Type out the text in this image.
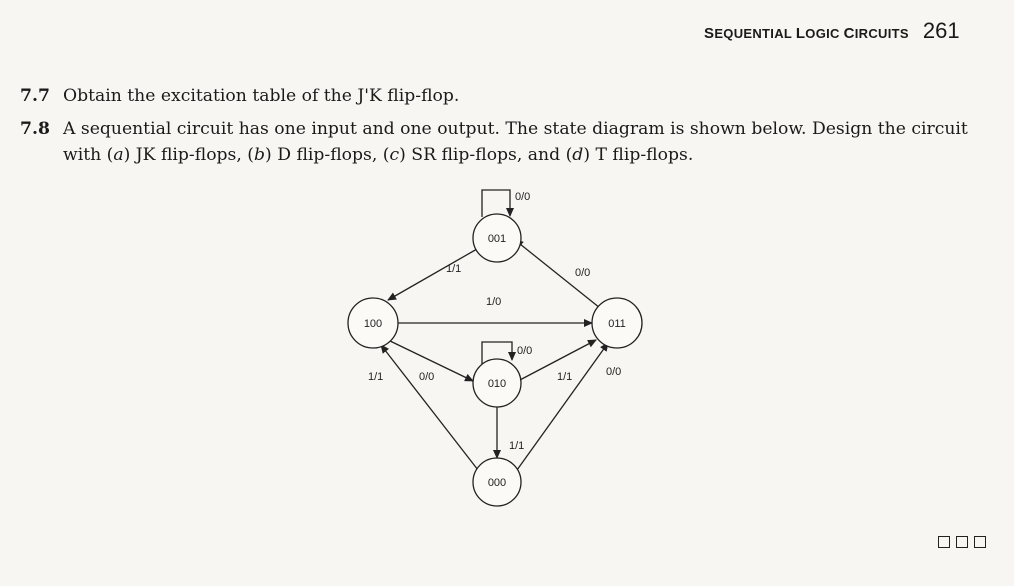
SEQUENTIAL LOGIC CIRCUITS 261
7.7 Obtain the excitation table of the J'K flip-flop.
7.8 A sequential circuit has one input and one output. The state diagram is shown below. Design the circuit with (a) JK flip-flops, (b) D flip-flops, (c) SR flip-flops, and (d) T flip-flops.
001
100	011
010
000
0/0
1/1	0/0
1/0
0/0
0/0
1/1	1/1	0/0
1/1
